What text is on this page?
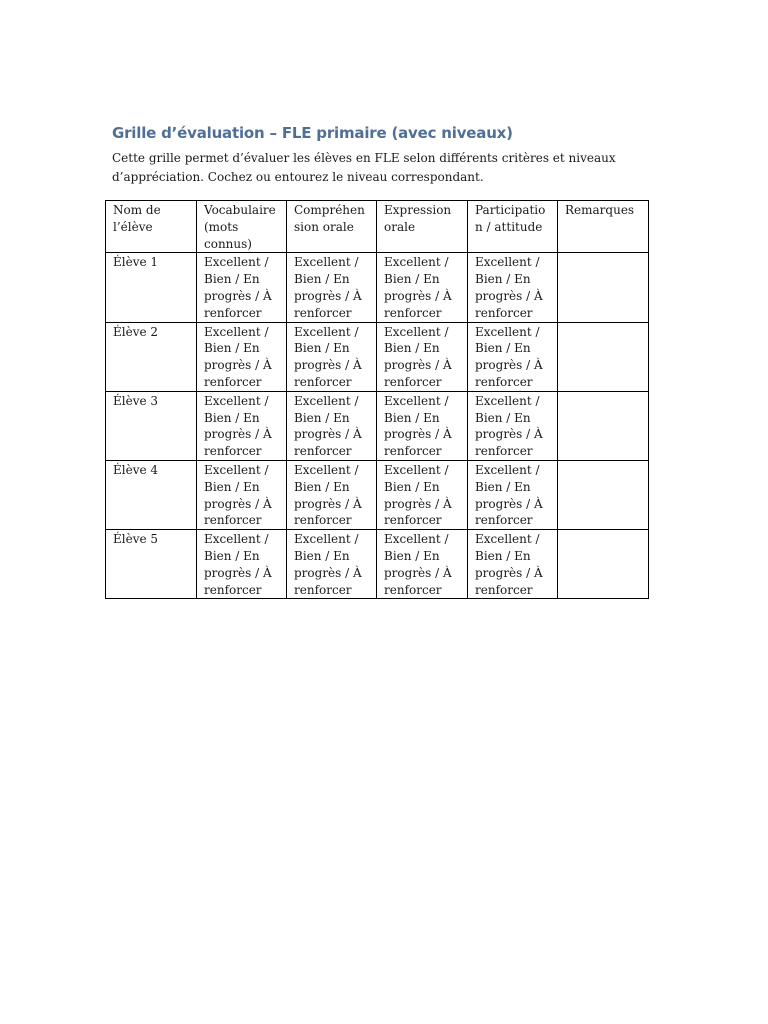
Grille d’évaluation – FLE primaire (avec niveaux)

Cette grille permet d’évaluer les élèves en FLE selon différents critères et niveaux d’appréciation. Cochez ou entourez le niveau correspondant.

Nom de l’élève	Vocabulaire (mots connus)	Compréhension orale	Expression orale	Participation / attitude	Remarques
Élève 1	Excellent / Bien / En progrès / À renforcer	Excellent / Bien / En progrès / À renforcer	Excellent / Bien / En progrès / À renforcer	Excellent / Bien / En progrès / À renforcer	
Élève 2	Excellent / Bien / En progrès / À renforcer	Excellent / Bien / En progrès / À renforcer	Excellent / Bien / En progrès / À renforcer	Excellent / Bien / En progrès / À renforcer	
Élève 3	Excellent / Bien / En progrès / À renforcer	Excellent / Bien / En progrès / À renforcer	Excellent / Bien / En progrès / À renforcer	Excellent / Bien / En progrès / À renforcer	
Élève 4	Excellent / Bien / En progrès / À renforcer	Excellent / Bien / En progrès / À renforcer	Excellent / Bien / En progrès / À renforcer	Excellent / Bien / En progrès / À renforcer	
Élève 5	Excellent / Bien / En progrès / À renforcer	Excellent / Bien / En progrès / À renforcer	Excellent / Bien / En progrès / À renforcer	Excellent / Bien / En progrès / À renforcer	
